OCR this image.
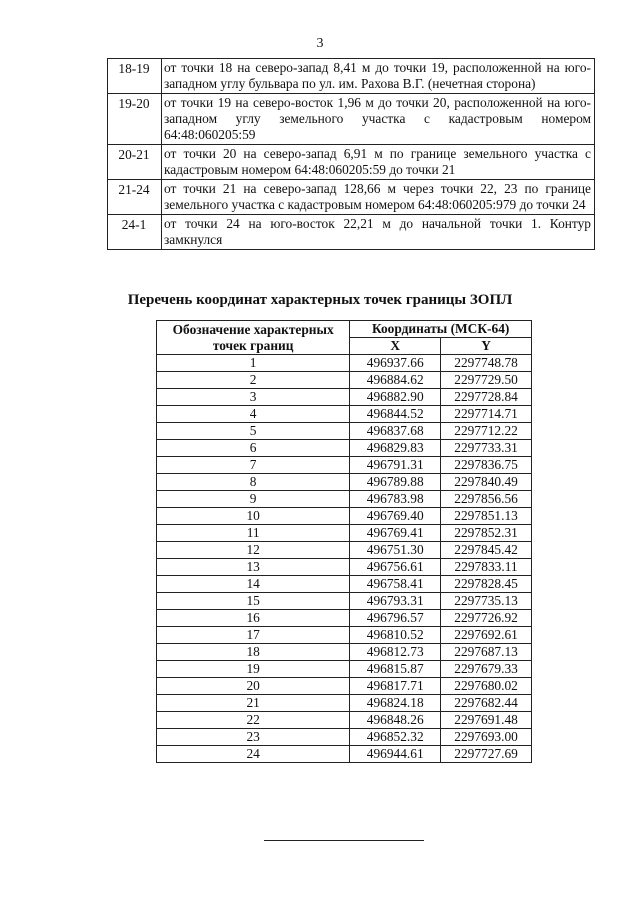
3
18-19	от точки 18 на северо-запад 8,41 м до точки 19, расположенной на юго-западном углу бульвара по ул. им. Рахова В.Г. (нечетная сторона)
19-20	от точки 19 на северо-восток 1,96 м до точки 20, расположенной на юго-западном углу земельного участка с кадастровым номером 64:48:060205:59
20-21	от точки 20 на северо-запад 6,91 м по границе земельного участка с кадастровым номером 64:48:060205:59 до точки 21
21-24	от точки 21 на северо-запад 128,66 м через точки 22, 23 по границе земельного участка с кадастровым номером 64:48:060205:979 до точки 24
24-1	от точки 24 на юго-восток 22,21 м до начальной точки 1. Контур замкнулся
Перечень координат характерных точек границы ЗОПЛ
Обозначение характерных точек границ	Координаты (МСК-64)	
	X	Y
1	496937.66	2297748.78
2	496884.62	2297729.50
3	496882.90	2297728.84
4	496844.52	2297714.71
5	496837.68	2297712.22
6	496829.83	2297733.31
7	496791.31	2297836.75
8	496789.88	2297840.49
9	496783.98	2297856.56
10	496769.40	2297851.13
11	496769.41	2297852.31
12	496751.30	2297845.42
13	496756.61	2297833.11
14	496758.41	2297828.45
15	496793.31	2297735.13
16	496796.57	2297726.92
17	496810.52	2297692.61
18	496812.73	2297687.13
19	496815.87	2297679.33
20	496817.71	2297680.02
21	496824.18	2297682.44
22	496848.26	2297691.48
23	496852.32	2297693.00
24	496944.61	2297727.69
